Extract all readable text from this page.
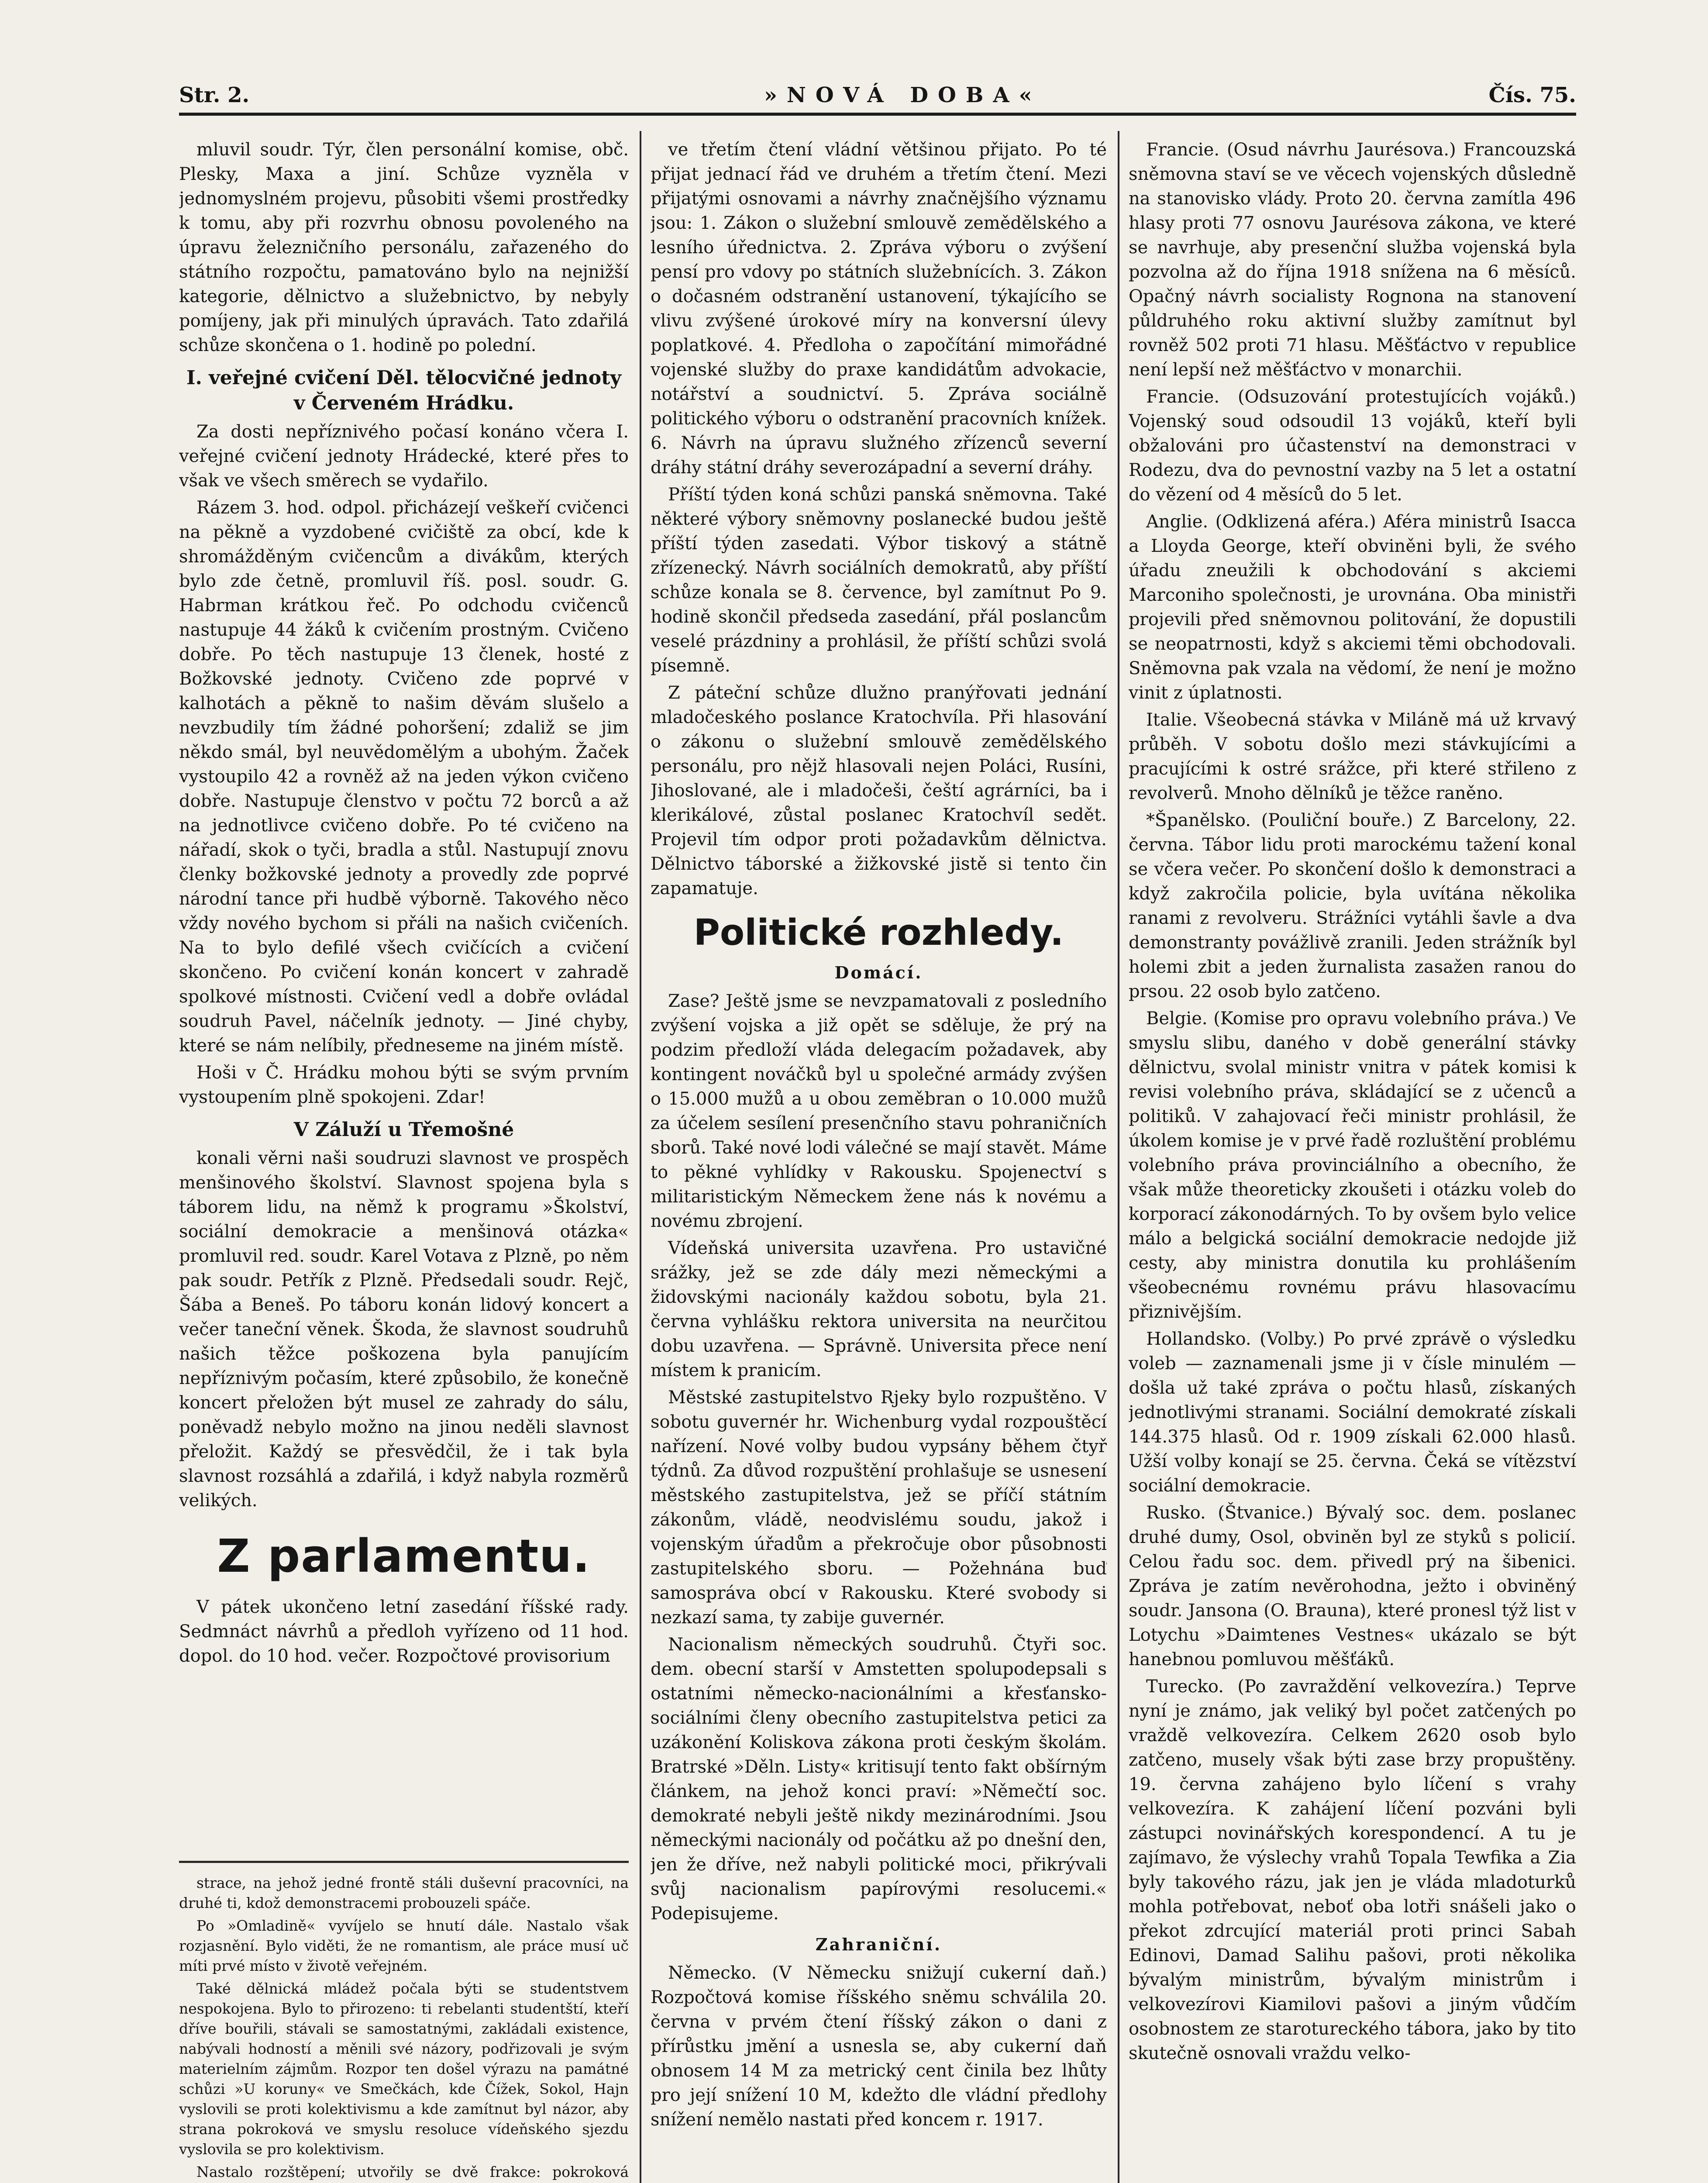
Str. 2.	»NOVÁ DOBA«	Čís. 75.

mluvil soudr. Týr, člen personální komise, obč. Plesky, Maxa a jiní. Schůze vyzněla v jednomyslném projevu, působiti všemi prostředky k tomu, aby při rozvrhu obnosu povoleného na úpravu železničního personálu, zařazeného do státního rozpočtu, pamatováno bylo na nejnižší kategorie, dělnictvo a služebnictvo, by nebyly pomíjeny, jak při minulých úpravách. Tato zdařilá schůze skončena o 1. hodině po polední.

I. veřejné cvičení Děl. tělocvičné jednoty v Červeném Hrádku.

Za dosti nepříznivého počasí konáno včera I. veřejné cvičení jednoty Hrádecké, které přes to však ve všech směrech se vydařilo.

Rázem 3. hod. odpol. přicházejí veškeří cvičenci na pěkně a vyzdobené cvičiště za obcí, kde k shromážděným cvičencům a divákům, kterých bylo zde četně, promluvil říš. posl. soudr. G. Habrman krátkou řeč. Po odchodu cvičenců nastupuje 44 žáků k cvičením prostným. Cvičeno dobře. Po těch nastupuje 13 členek, hosté z Božkovské jednoty. Cvičeno zde poprvé v kalhotách a pěkně to našim děvám slušelo a nevzbudily tím žádné pohoršení; zdaliž se jim někdo smál, byl neuvědomělým a ubohým. Žaček vystoupilo 42 a rovněž až na jeden výkon cvičeno dobře. Nastupuje členstvo v počtu 72 borců a až na jednotlivce cvičeno dobře. Po té cvičeno na nářadí, skok o tyči, bradla a stůl. Nastupují znovu členky božkovské jednoty a provedly zde poprvé národní tance při hudbě výborně. Takového něco vždy nového bychom si přáli na našich cvičeních. Na to bylo defilé všech cvičících a cvičení skončeno. Po cvičení konán koncert v zahradě spolkové místnosti. Cvičení vedl a dobře ovládal soudruh Pavel, náčelník jednoty. — Jiné chyby, které se nám nelíbily, předneseme na jiném místě.

Hoši v Č. Hrádku mohou býti se svým prvním vystoupením plně spokojeni. Zdar!

V Záluží u Třemošné

konali věrni naši soudruzi slavnost ve prospěch menšinového školství. Slavnost spojena byla s táborem lidu, na němž k programu »Školství, sociální demokracie a menšinová otázka« promluvil red. soudr. Karel Votava z Plzně, po něm pak soudr. Petřík z Plzně. Předsedali soudr. Rejč, Šába a Beneš. Po táboru konán lidový koncert a večer taneční věnek. Škoda, že slavnost soudruhů našich těžce poškozena byla panujícím nepříznivým počasím, které způsobilo, že konečně koncert přeložen být musel ze zahrady do sálu, poněvadž nebylo možno na jinou neděli slavnost přeložit. Každý se přesvědčil, že i tak byla slavnost rozsáhlá a zdařilá, i když nabyla rozměrů velikých.

Z parlamentu.

V pátek ukončeno letní zasedání říšské rady. Sedmnáct návrhů a předloh vyřízeno od 11 hod. dopol. do 10 hod. večer. Rozpočtové provisorium

strace, na jehož jedné frontě stáli duševní pracovníci, na druhé ti, kdož demonstracemi probouzeli spáče.

Po »Omladině« vyvíjelo se hnutí dále. Nastalo však rozjasnění. Bylo viděti, že ne romantism, ale práce musí uč míti prvé místo v životě veřejném.

Také dělnická mládež počala býti se studentstvem nespokojena. Bylo to přirozeno: ti rebelanti studentští, kteří dříve bouřili, stávali se samostatnými, zakládali existence, nabývali hodností a měnili své názory, podřizovali je svým materielním zájmům. Rozpor ten došel výrazu na památné schůzi »U korunу« ve Smečkách, kde Čížek, Sokol, Hajn vyslovili se proti kolektivismu a kde zamítnut byl názor, aby strana pokroková ve smyslu resoluce vídeňského sjezdu vyslovila se pro kolektivism.

Nastalo rozštěpení; utvořily se dvě frakce: pokroková

ve třetím čtení vládní většinou přijato. Po té přijat jednací řád ve druhém a třetím čtení. Mezi přijatými osnovami a návrhy značnějšího významu jsou: 1. Zákon o služební smlouvě zemědělského a lesního úřednictva. 2. Zpráva výboru o zvýšení pensí pro vdovy po státních služebnících. 3. Zákon o dočasném odstranění ustanovení, týkajícího se vlivu zvýšené úrokové míry na konversní úlevy poplatkové. 4. Předloha o započítání mimořádné vojenské služby do praxe kandidátům advokacie, notářství a soudnictví. 5. Zpráva sociálně politického výboru o odstranění pracovních knížek. 6. Návrh na úpravu služného zřízenců severní dráhy státní dráhy severozápadní a severní dráhy.

Příští týden koná schůzi panská sněmovna. Také některé výbory sněmovny poslanecké budou ještě příští týden zasedati. Výbor tiskový a státně zřízenecký. Návrh sociálních demokratů, aby příští schůze konala se 8. července, byl zamítnut Po 9. hodině skončil předseda zasedání, přál poslancům veselé prázdniny a prohlásil, že příští schůzi svolá písemně.

Z páteční schůze dlužno pranýřovati jednání mladočeského poslance Kratochvíla. Při hlasování o zákonu o služební smlouvě zemědělského personálu, pro nějž hlasovali nejen Poláci, Rusíni, Jihoslované, ale i mladočeši, čeští agrárníci, ba i klerikálové, zůstal poslanec Kratochvíl sedět. Projevil tím odpor proti požadavkům dělnictva. Dělnictvo táborské a žižkovské jistě si tento čin zapamatuje.

Politické rozhledy.
Domácí.

Zase? Ještě jsme se nevzpamatovali z posledního zvýšení vojska a již opět se sděluje, že prý na podzim předloží vláda delegacím požadavek, aby kontingent nováčků byl u společné armády zvýšen o 15.000 mužů a u obou zeměbran o 10.000 mužů za účelem sesílení presenčního stavu pohraničních sborů. Také nové lodi válečné se mají stavět. Máme to pěkné vyhlídky v Rakousku. Spojenectví s militaristickým Německem žene nás k novému a novému zbrojení.

Vídeňská universita uzavřena. Pro ustavičné srážky, jež se zde dály mezi německými a židovskými nacionály každou sobotu, byla 21. června vyhlášku rektora universita na neurčitou dobu uzavřena. — Správně. Universita přece není místem k pranicím.

Městské zastupitelstvo Rjeky bylo rozpuštěno. V sobotu guvernér hr. Wichenburg vydal rozpouštěcí nařízení. Nové volby budou vypsány během čtyř týdnů. Za důvod rozpuštění prohlašuje se usnesení městského zastupitelstva, jež se příčí státním zákonům, vládě, neodvislému soudu, jakož i vojenským úřadům a překročuje obor působnosti zastupitelského sboru. — Požehnána buď samospráva obcí v Rakousku. Které svobody si nezkazí sama, ty zabije guvernér.

Nacionalism německých soudruhů. Čtyři soc. dem. obecní starší v Amstetten spolupodepsali s ostatními německo-nacionálními a křesťansko-sociálními členy obecního zastupitelstva petici za uzákonění Koliskova zákona proti českým školám. Bratrské »Děln. Listy« kritisují tento fakt obšírným článkem, na jehož konci praví: »Němečtí soc. demokraté nebyli ještě nikdy mezinárodními. Jsou německými nacionály od počátku až po dnešní den, jen že dříve, než nabyli politické moci, přikrývali svůj nacionalism papírovými resolucemi.« Podepisujeme.

Zahraniční.

Německo. (V Německu snižují cukerní daň.) Rozpočtová komise říšského sněmu schválila 20. června v prvém čtení říšský zákon o dani z přírůstku jmění a usnesla se, aby cukerní daň obnosem 14 M za metrický cent činila bez lhůty pro její snížení 10 M, kdežto dle vládní předlohy snížení nemělo nastati před koncem r. 1917.

Francie. (Osud návrhu Jaurésova.) Francouzská sněmovna staví se ve věcech vojenských důsledně na stanovisko vlády. Proto 20. června zamítla 496 hlasy proti 77 osnovu Jaurésova zákona, ve které se navrhuje, aby presenční služba vojenská byla pozvolna až do října 1918 snížena na 6 měsíců. Opačný návrh socialisty Rognona na stanovení půldruhého roku aktivní služby zamítnut byl rovněž 502 proti 71 hlasu. Měšťáctvo v republice není lepší než měšťáctvo v monarchii.

Francie. (Odsuzování protestujících vojáků.) Vojenský soud odsoudil 13 vojáků, kteří byli obžalováni pro účastenství na demonstraci v Rodezu, dva do pevnostní vazby na 5 let a ostatní do vězení od 4 měsíců do 5 let.

Anglie. (Odklizená aféra.) Aféra ministrů Isacca a Lloyda George, kteří obviněni byli, že svého úřadu zneužili k obchodování s akciemi Marconiho společnosti, je urovnána. Oba ministři projevili před sněmovnou politování, že dopustili se neopatrnosti, když s akciemi těmi obchodovali. Sněmovna pak vzala na vědomí, že není je možno vinit z úplatnosti.

Italie. Všeobecná stávka v Miláně má už krvavý průběh. V sobotu došlo mezi stávkujícími a pracujícími k ostré srážce, při které střileno z revolverů. Mnoho dělníků je těžce raněno.

*Španělsko. (Pouliční bouře.) Z Barcelony, 22. června. Tábor lidu proti marockému tažení konal se včera večer. Po skončení došlo k demonstraci a když zakročila policie, byla uvítána několika ranami z revolveru. Strážníci vytáhli šavle a dva demonstranty povážlivě zranili. Jeden strážník byl holemi zbit a jeden žurnalista zasažen ranou do prsou. 22 osob bylo zatčeno.

Belgie. (Komise pro opravu volebního práva.) Ve smyslu slibu, daného v době generální stávky dělnictvu, svolal ministr vnitra v pátek komisi k revisi volebního práva, skládající se z učenců a politiků. V zahajovací řeči ministr prohlásil, že úkolem komise je v prvé řadě rozluštění problému volebního práva provinciálního a obecního, že však může theoreticky zkoušeti i otázku voleb do korporací zákonodárných. To by ovšem bylo velice málo a belgická sociální demokracie nedojde již cesty, aby ministra donutila ku prohlášením všeobecnému rovnému právu hlasovacímu přiznivějším.

Hollandsko. (Volby.) Po prvé zprávě o výsledku voleb — zaznamenali jsme ji v čísle minulém — došla už také zpráva o počtu hlasů, získaných jednotlivými stranami. Sociální demokraté získali 144.375 hlasů. Od r. 1909 získali 62.000 hlasů. Užší volby konají se 25. června. Čeká se vítězství sociální demokracie.

Rusko. (Štvanice.) Bývalý soc. dem. poslanec druhé dumy, Osol, obviněn byl ze styků s policií. Celou řadu soc. dem. přivedl prý na šibenici. Zpráva je zatím nevěrohodna, ježto i obviněný soudr. Jansona (O. Brauna), které pronesl týž list v Lotychu »Daimtenes Vestnes« ukázalo se být hanebnou pomluvou měšťáků.

Turecko. (Po zavraždění velkovezíra.) Teprve nyní je známo, jak veliký byl počet zatčených po vraždě velkovezíra. Celkem 2620 osob bylo zatčeno, musely však býti zase brzy propuštěny. 19. června zahájeno bylo líčení s vrahy velkovezíra. K zahájení líčení pozváni byli zástupci novinářských korespondencí. A tu je zajímavo, že výslechy vrahů Topala Tewfika a Zia byly takového rázu, jak jen je vláda mladoturků mohla potřebovat, neboť oba lotři snášeli jako o překot zdrcující materiál proti princi Sabah Edinovi, Damad Salihu pašovi, proti několika bývalým ministrům, bývalým ministrům i velkovezírovi Kiamilovi pašovi a jiným vůdčím osobnostem ze starotureckého tábora, jako by tito skutečně osnovali vraždu velko-
